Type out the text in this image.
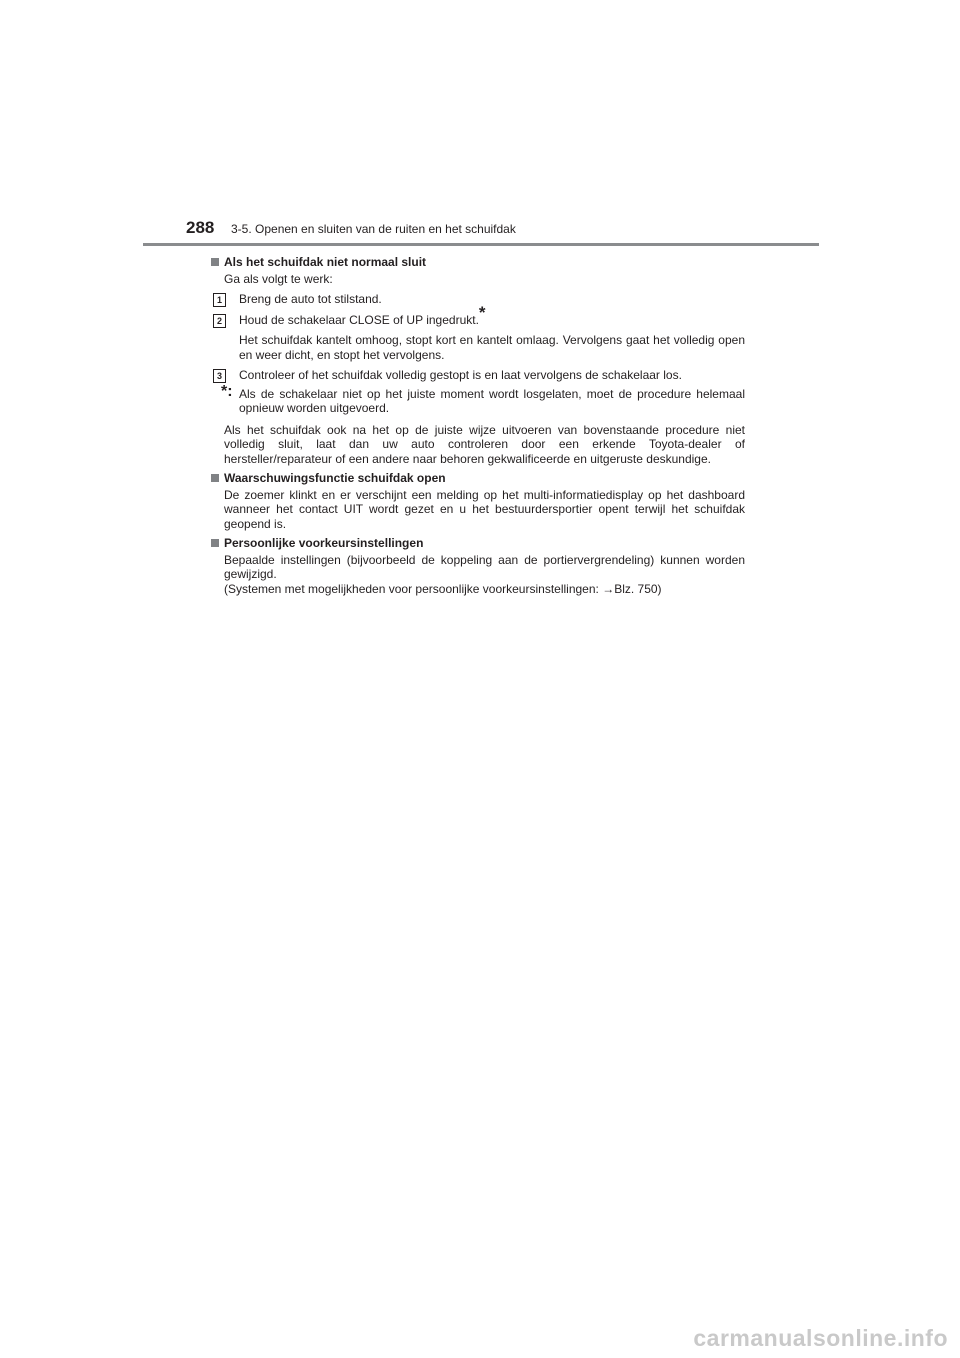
288 3-5. Openen en sluiten van de ruiten en het schuifdak
Als het schuifdak niet normaal sluit
Ga als volgt te werk:
1	Breng de auto tot stilstand.
2	Houd de schakelaar CLOSE of UP ingedrukt.*
Het schuifdak kantelt omhoog, stopt kort en kantelt omlaag. Vervolgens gaat het volledig open en weer dicht, en stopt het vervolgens.
3	Controleer of het schuifdak volledig gestopt is en laat vervolgens de schakelaar los.
*: Als de schakelaar niet op het juiste moment wordt losgelaten, moet de procedure helemaal opnieuw worden uitgevoerd.
Als het schuifdak ook na het op de juiste wijze uitvoeren van bovenstaande procedure niet volledig sluit, laat dan uw auto controleren door een erkende Toyota-dealer of hersteller/reparateur of een andere naar behoren gekwalificeerde en uitgeruste deskundige.
Waarschuwingsfunctie schuifdak open
De zoemer klinkt en er verschijnt een melding op het multi-informatiedisplay op het dashboard wanneer het contact UIT wordt gezet en u het bestuurdersportier opent terwijl het schuifdak geopend is.
Persoonlijke voorkeursinstellingen
Bepaalde instellingen (bijvoorbeeld de koppeling aan de portiervergrendeling) kunnen worden gewijzigd.
(Systemen met mogelijkheden voor persoonlijke voorkeursinstellingen: →Blz. 750)
carmanualsonline.info
